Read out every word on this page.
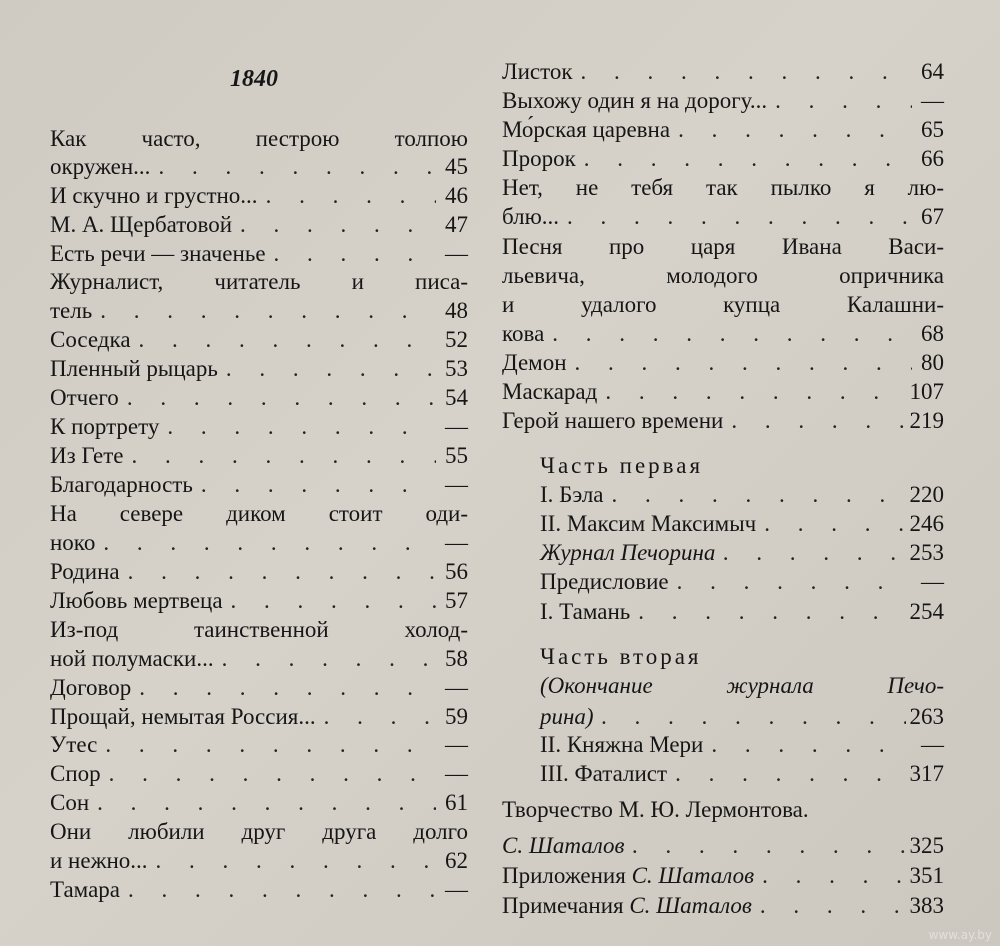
1840
Как часто, пестрою толпою
окружен... . . .	45
И скучно и грустно... . . .	46
М. А. Щербатовой . . .	47
Есть речи — значенье . . .	—
Журналист, читатель и писа-
тель . . .	48
Соседка . . .	52
Пленный рыцарь . . .	53
Отчего . . .	54
К портрету . . .	—
Из Гете . . .	55
Благодарность . . .	—
На севере диком стоит оди-
ноко . . .	—
Родина . . .	56
Любовь мертвеца . . .	57
Из-под таинственной холод-
ной полумаски... . . .	58
Договор . . .	—
Прощай, немытая Россия... . . .	59
Утес . . .	—
Спор . . .	—
Сон . . .	61
Они любили друг друга долго
и нежно... . . .	62
Тамара . . .	—
Листок . . .	64
Выхожу один я на дорогу... . . .	—
Мо́рская царевна . . .	65
Пророк . . .	66
Нет, не тебя так пылко я лю-
блю... . . .	67
Песня про царя Ивана Васи-
льевича, молодого опричника
и удалого купца Калашни-
кова . . .	68
Демон . . .	80
Маскарад . . .	107
Герой нашего времени . . .	219
Часть первая
I. Бэла . . .	220
II. Максим Максимыч . . .	246
Журнал Печорина . . .	253
Предисловие . . .	—
I. Тамань . . .	254
Часть вторая
(Окончание журнала Печо-
рина) . . .	263
II. Княжна Мери . . .	—
III. Фаталист . . .	317
Творчество М. Ю. Лермонтова.
С. Шаталов . . .	325
Приложения С. Шаталов . . .	351
Примечания С. Шаталов . . .	383
www.ay.by
